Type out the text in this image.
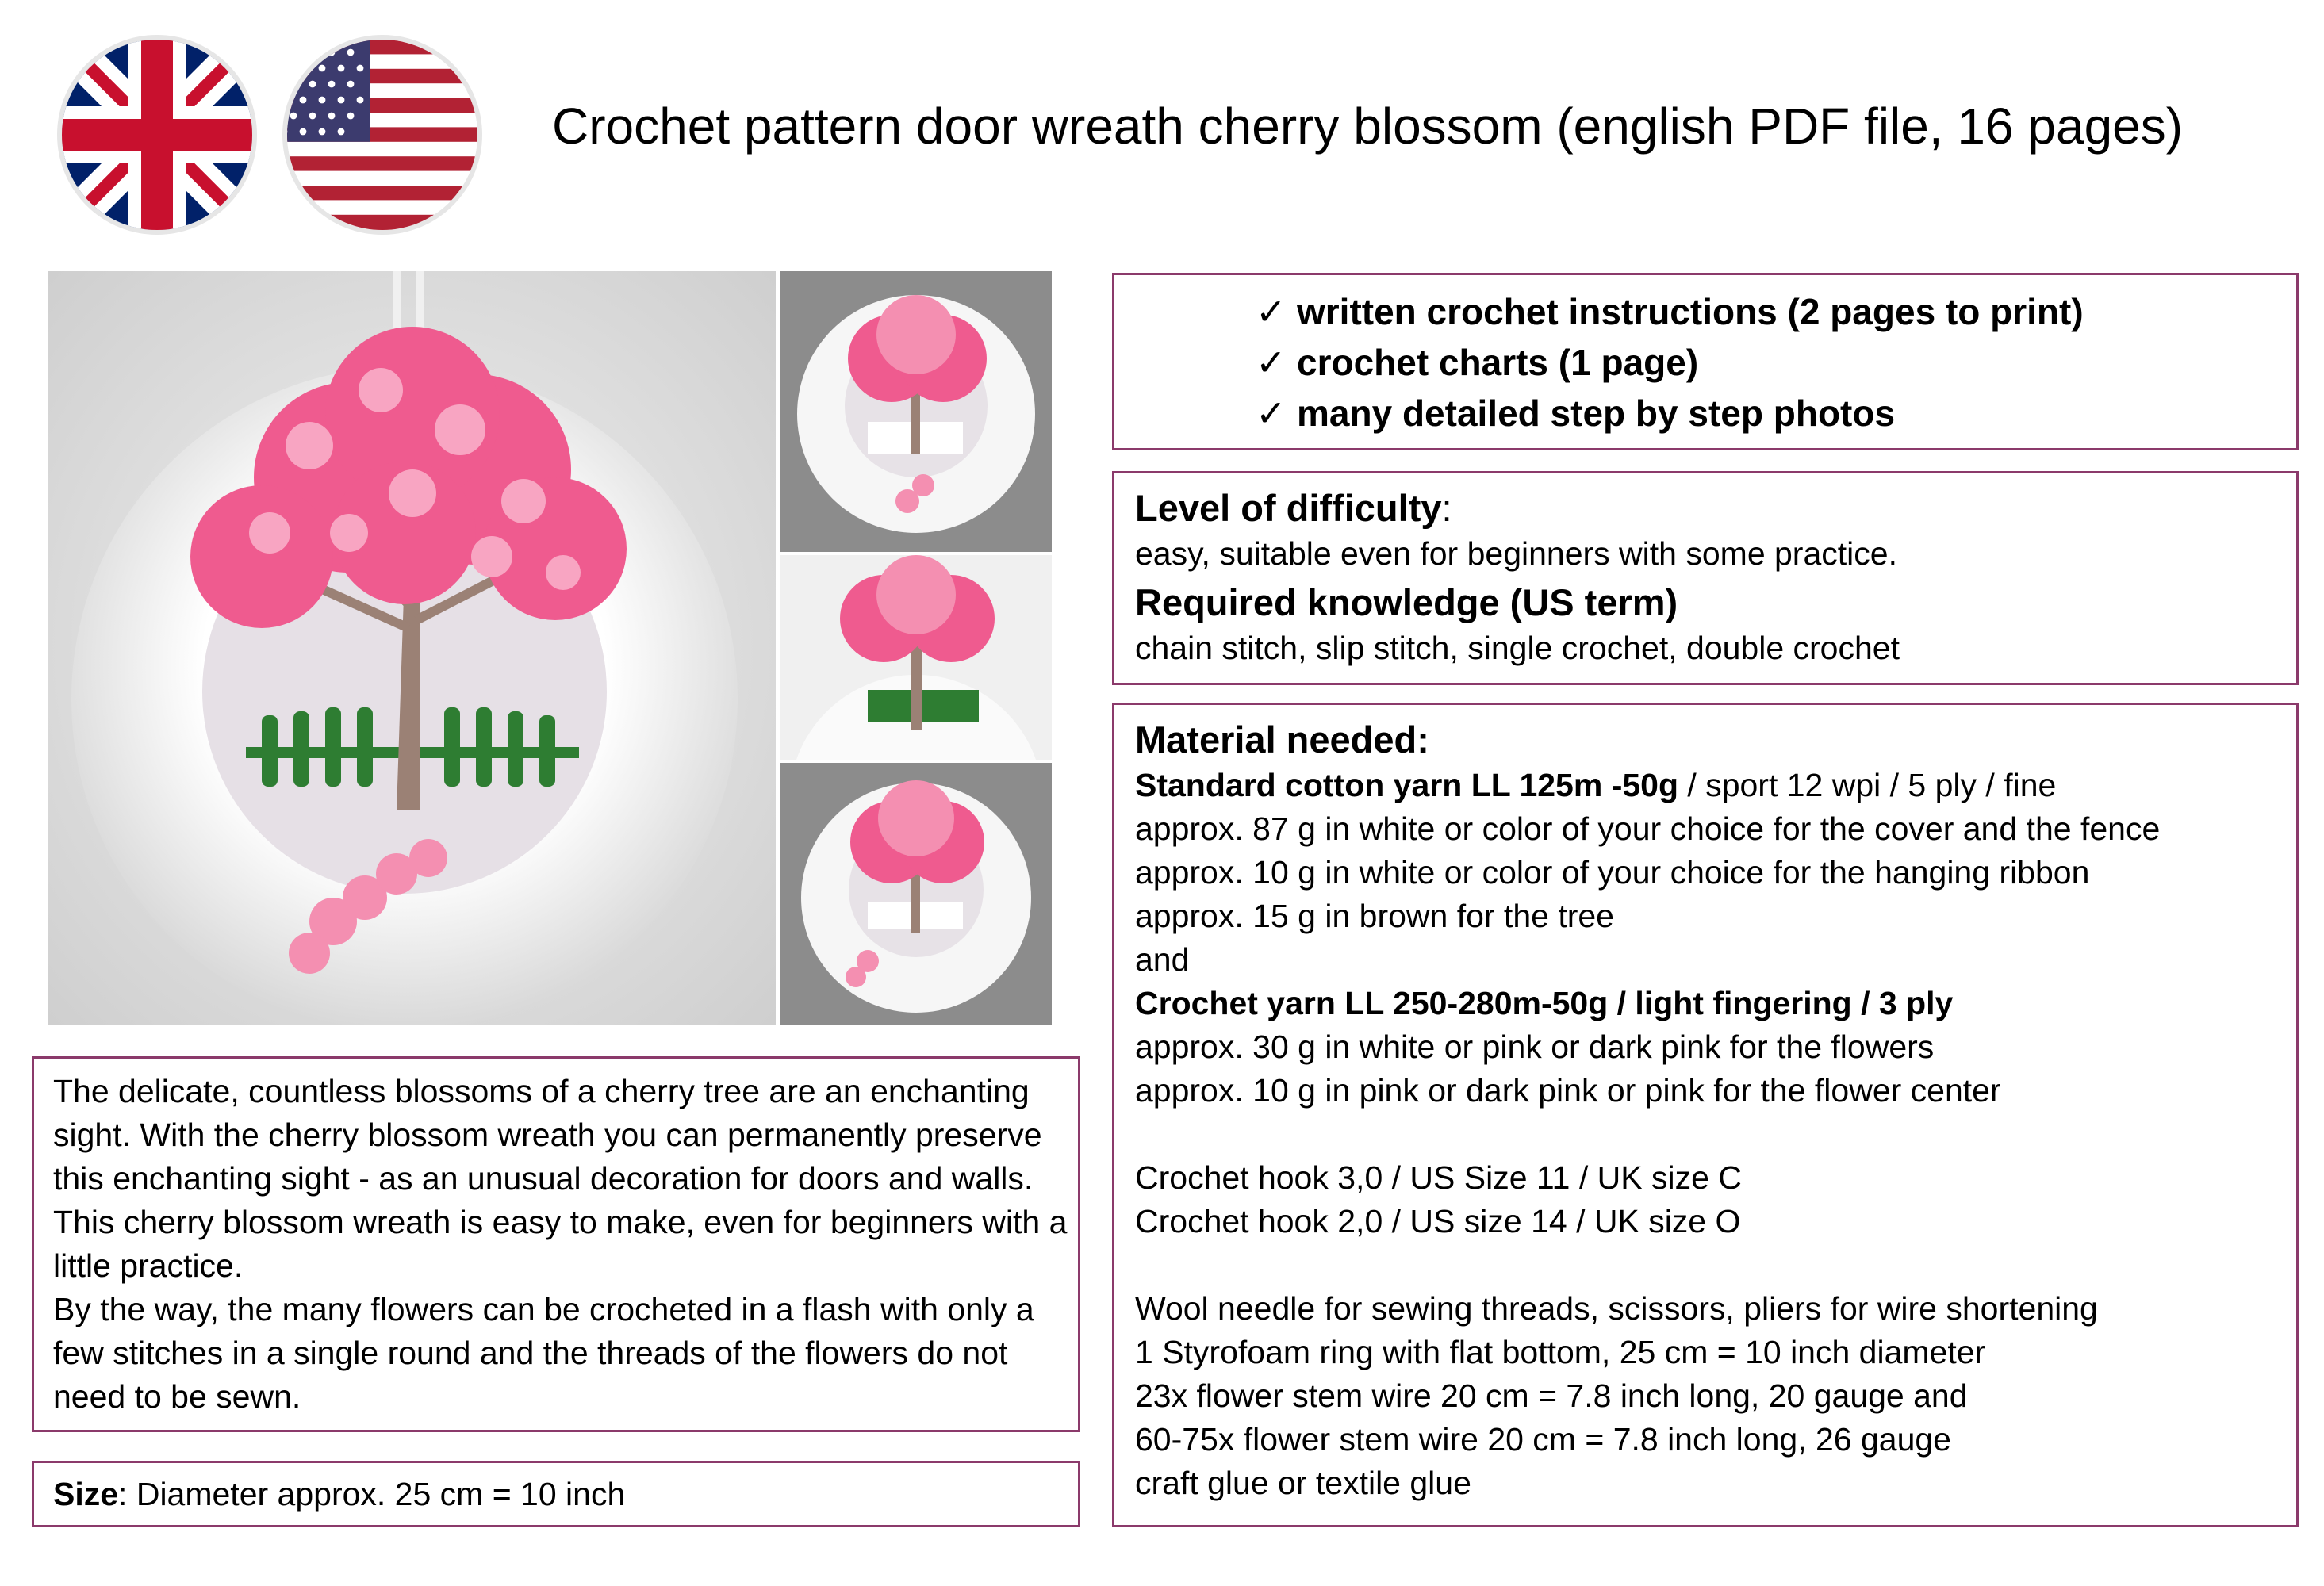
Crochet pattern door wreath cherry blossom (english PDF file, 16 pages)
✓ written crochet instructions (2 pages to print)
✓ crochet charts (1 page)
✓ many detailed step by step photos
Level of difficulty:
easy, suitable even for beginners with some practice.
Required knowledge (US term)
chain stitch, slip stitch, single crochet, double crochet
Material needed:
Standard cotton yarn LL 125m -50g / sport 12 wpi / 5 ply / fine
approx. 87 g in white or color of your choice for the cover and the fence
approx. 10 g in white or color of your choice for the hanging ribbon
approx. 15 g in brown for the tree
and
Crochet yarn LL 250-280m-50g / light fingering / 3 ply
approx. 30 g in white or pink or dark pink for the flowers
approx. 10 g in pink or dark pink or pink for the flower center
Crochet hook 3,0 / US Size 11 / UK size C
Crochet hook 2,0 / US size 14 / UK size O
Wool needle for sewing threads, scissors, pliers for wire shortening
1 Styrofoam ring with flat bottom, 25 cm = 10 inch diameter
23x flower stem wire 20 cm = 7.8 inch long, 20 gauge and
60-75x flower stem wire 20 cm = 7.8 inch long, 26 gauge
craft glue or textile glue
The delicate, countless blossoms of a cherry tree are an enchanting sight. With the cherry blossom wreath you can permanently preserve this enchanting sight - as an unusual decoration for doors and walls. This cherry blossom wreath is easy to make, even for beginners with a little practice.
By the way, the many flowers can be crocheted in a flash with only a few stitches in a single round and the threads of the flowers do not need to be sewn.
Size: Diameter approx. 25 cm = 10 inch
